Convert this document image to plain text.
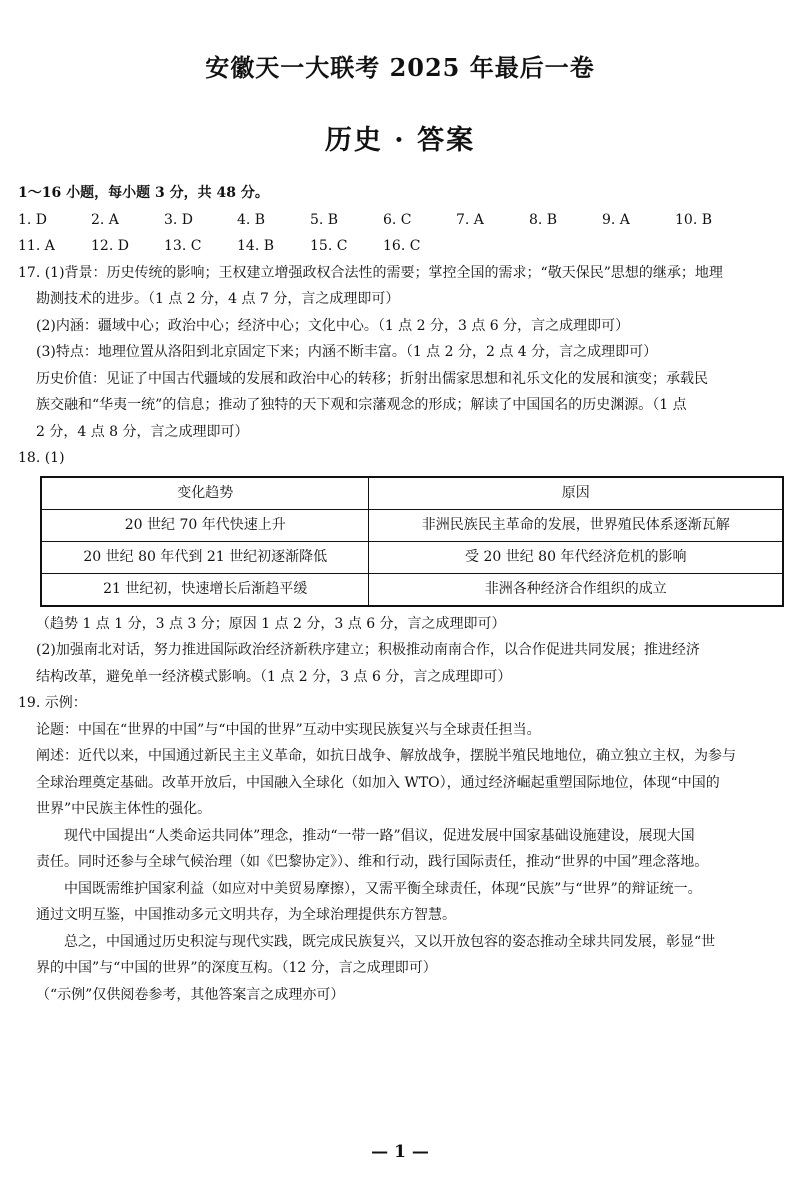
安徽天一大联考 2025 年最后一卷
历史 · 答案

1～16 小题，每小题 3 分，共 48 分。

1. D	2. A	3. D	4. B	5. B	6. C	7. A	8. B	9. A	10. B
11. A	12. D	13. C	14. B	15. C	16. C

17. (1)背景：历史传统的影响；王权建立增强政权合法性的需要；掌控全国的需求；“敬天保民”思想的继承；地理

勘测技术的进步。（1 点 2 分，4 点 7 分，言之成理即可）

(2)内涵：疆域中心；政治中心；经济中心；文化中心。（1 点 2 分，3 点 6 分，言之成理即可）

(3)特点：地理位置从洛阳到北京固定下来；内涵不断丰富。（1 点 2 分，2 点 4 分，言之成理即可）

历史价值：见证了中国古代疆域的发展和政治中心的转移；折射出儒家思想和礼乐文化的发展和演变；承载民

族交融和“华夷一统”的信息；推动了独特的天下观和宗藩观念的形成；解读了中国国名的历史渊源。（1 点

2 分，4 点 8 分，言之成理即可）

18. (1)

变化趋势	原因
20 世纪 70 年代快速上升	非洲民族民主革命的发展，世界殖民体系逐渐瓦解
20 世纪 80 年代到 21 世纪初逐渐降低	受 20 世纪 80 年代经济危机的影响
21 世纪初，快速增长后渐趋平缓	非洲各种经济合作组织的成立

（趋势 1 点 1 分，3 点 3 分；原因 1 点 2 分，3 点 6 分，言之成理即可）

(2)加强南北对话，努力推进国际政治经济新秩序建立；积极推动南南合作，以合作促进共同发展；推进经济

结构改革，避免单一经济模式影响。（1 点 2 分，3 点 6 分，言之成理即可）

19. 示例：

论题：中国在“世界的中国”与“中国的世界”互动中实现民族复兴与全球责任担当。

阐述：近代以来，中国通过新民主主义革命，如抗日战争、解放战争，摆脱半殖民地地位，确立独立主权，为参与

全球治理奠定基础。改革开放后，中国融入全球化（如加入 WTO），通过经济崛起重塑国际地位，体现“中国的

世界”中民族主体性的强化。

现代中国提出“人类命运共同体”理念，推动“一带一路”倡议，促进发展中国家基础设施建设，展现大国

责任。同时还参与全球气候治理（如《巴黎协定》）、维和行动，践行国际责任，推动“世界的中国”理念落地。

中国既需维护国家利益（如应对中美贸易摩擦），又需平衡全球责任，体现“民族”与“世界”的辩证统一。

通过文明互鉴，中国推动多元文明共存，为全球治理提供东方智慧。

总之，中国通过历史积淀与现代实践，既完成民族复兴，又以开放包容的姿态推动全球共同发展，彰显“世

界的中国”与“中国的世界”的深度互构。（12 分，言之成理即可）

（“示例”仅供阅卷参考，其他答案言之成理亦可）

— 1 —
